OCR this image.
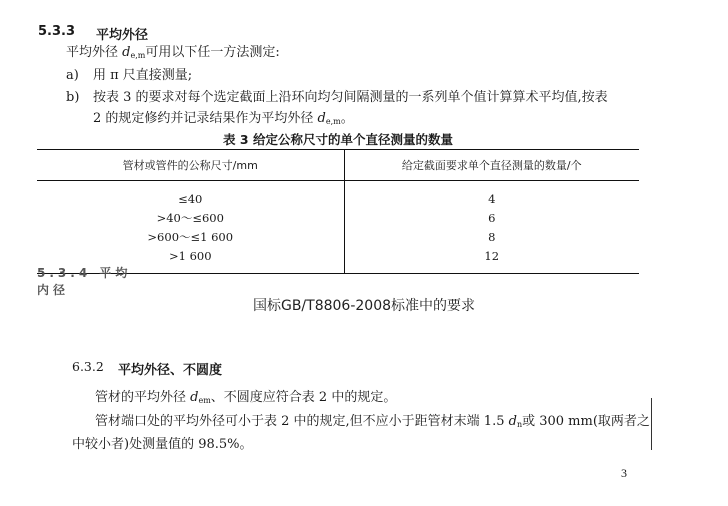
5.3.3 平均外径
平均外径 $d_{e,m}$可用以下任一方法测定:
a) 用 π 尺直接测量;
b) 按表 3 的要求对每个选定截面上沿环向均匀间隔测量的一系列单个值计算算术平均值,按表
2 的规定修约并记录结果作为平均外径 $d_{e,m}$。
表 3 给定公称尺寸的单个直径测量的数量
管材或管件的公称尺寸/mm	给定截面要求单个直径测量的数量/个
≤40	4
>40～≤600	6
>600～≤1 600	8
>1 600	12
5.3.4 平均内径
国标GB/T8806-2008标准中的要求
6.3.2 平均外径、不圆度
管材的平均外径 $d_{em}$、不圆度应符合表 2 中的规定。
管材端口处的平均外径可小于表 2 中的规定,但不应小于距管材末端 1.5 $d_n$或 300 mm(取两者之
中较小者)处测量值的 98.5%。
3
